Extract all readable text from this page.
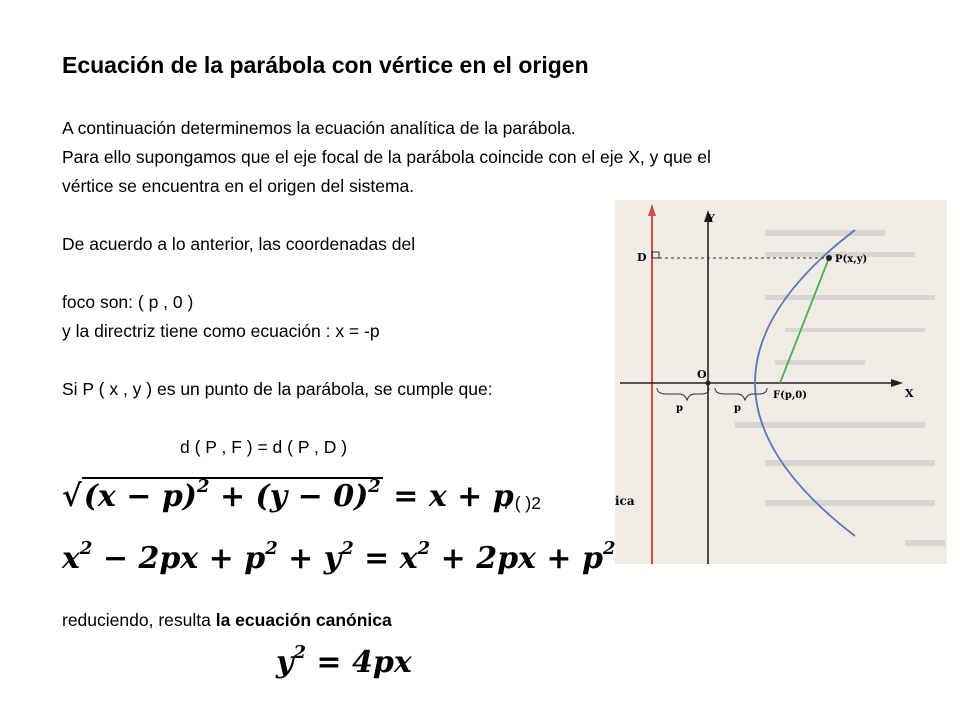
Ecuación de la parábola con vértice en el origen
A continuación determinemos la ecuación analítica de la parábola.
Para ello supongamos que el eje focal de la parábola coincide con el eje X, y que el
vértice se encuentra en el origen del sistema.
De acuerdo a lo anterior, las coordenadas del
foco son: ( p , 0 )
y la directriz tiene como ecuación : x = -p
Si P ( x , y ) es un punto de la parábola, se cumple que:
d ( P , F ) = d ( P , D )
$√(x - p)^2 + (y - 0)^2 = x + p$
/ ( )2
$x^2 - 2px + p^2 + y^2 = x^2 + 2px + p^2$
reduciendo, resulta la ecuación canónica
$y^2 = 4px$
Y
X
O
P(x,y)
F(p,0)
D
p	p
ica
